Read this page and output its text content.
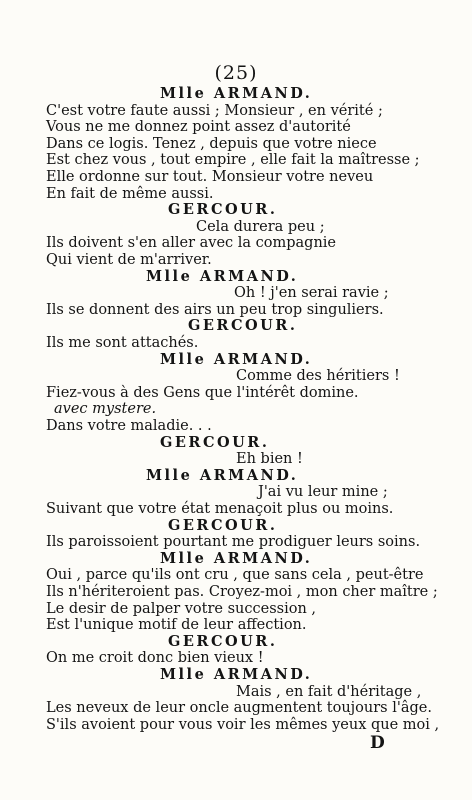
(25)
Mlle ARMAND.
C'est votre faute aussi ; Monsieur , en vérité ;
Vous ne me donnez point assez d'autorité
Dans ce logis. Tenez , depuis que votre niece
Est chez vous , tout empire , elle fait la maîtresse ;
Elle ordonne sur tout. Monsieur votre neveu
En fait de même aussi.
GERCOUR.
Cela durera peu ;
Ils doivent s'en aller avec la compagnie
Qui vient de m'arriver.
Mlle ARMAND.
Oh ! j'en serai ravie ;
Ils se donnent des airs un peu trop singuliers.
GERCOUR.
Ils me sont attachés.
Mlle ARMAND.
Comme des héritiers !
Fiez-vous à des Gens que l'intérêt domine.
avec mystere.
Dans votre maladie. . .
GERCOUR.
Eh bien !
Mlle ARMAND.
J'ai vu leur mine ;
Suivant que votre état menaçoit plus ou moins.
GERCOUR.
Ils paroissoient pourtant me prodiguer leurs soins.
Mlle ARMAND.
Oui , parce qu'ils ont cru , que sans cela , peut-être
Ils n'hériteroient pas. Croyez-moi , mon cher maître ;
Le desir de palper votre succession ,
Est l'unique motif de leur affection.
GERCOUR.
On me croit donc bien vieux !
Mlle ARMAND.
Mais , en fait d'héritage ,
Les neveux de leur oncle augmentent toujours l'âge.
S'ils avoient pour vous voir les mêmes yeux que moi ,
D
